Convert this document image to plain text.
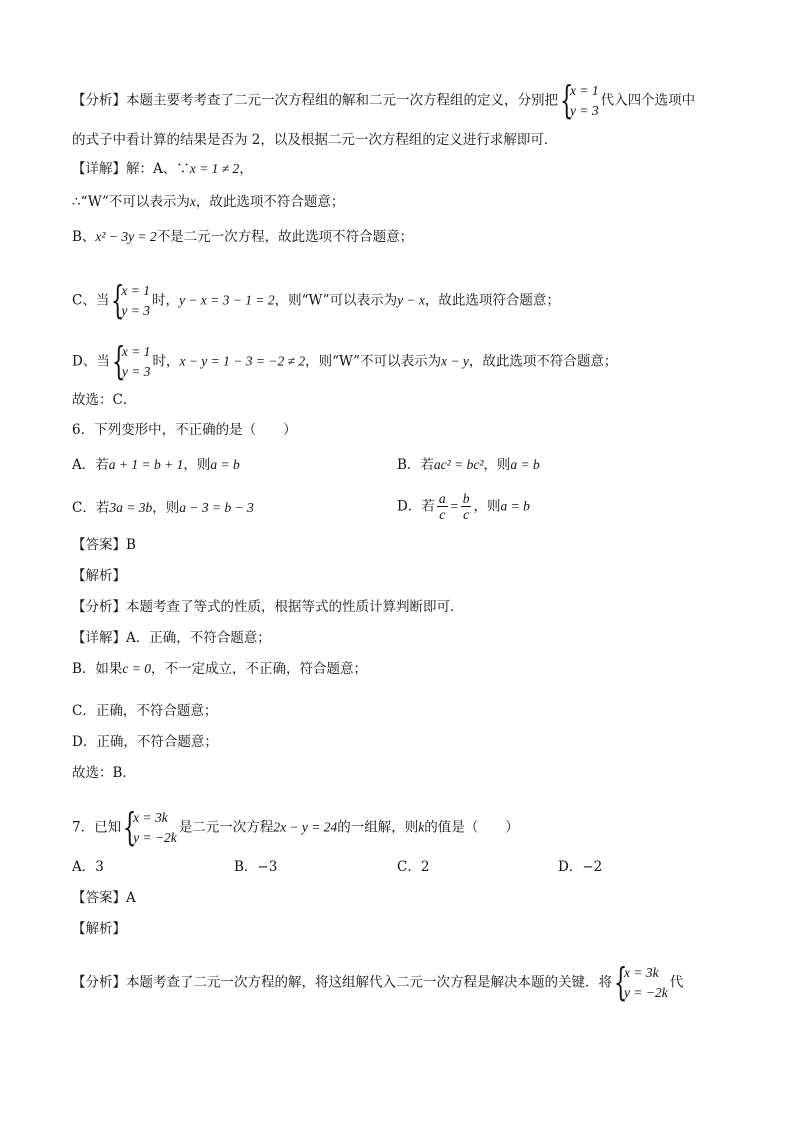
【分析】本题主要考考查了二元一次方程组的解和二元一次方程组的定义，分别把 {
x = 1
y = 3
代入四个选项中
的式子中看计算的结果是否为 2，以及根据二元一次方程组的定义进行求解即可．
【详解】解：A、∵x = 1 ≠ 2，
∴“W”不可以表示为x，故此选项不符合题意；
B、x² − 3y = 2不是二元一次方程，故此选项不符合题意；
C、当 {
x = 1
y = 3
时，y − x = 3 − 1 = 2，则“W”可以表示为y − x，故此选项符合题意；
D、当 {
x = 1
y = 3
时，x − y = 1 − 3 = −2 ≠ 2，则“W”不可以表示为x − y，故此选项不符合题意；
故选：C．
6．下列变形中，不正确的是（　　）
A．若a + 1 = b + 1，则a = b	B．若ac² = bc²，则a = b
C．若3a = 3b，则a − 3 = b − 3	D．若 $\frac{a}{c} = \frac{b}{c}$ ，则a = b
【答案】B
【解析】
【分析】本题考查了等式的性质，根据等式的性质计算判断即可．
【详解】A．正确，不符合题意；
B．如果c = 0，不一定成立，不正确，符合题意；
C．正确，不符合题意；
D．正确，不符合题意；
故选：B．
7．已知 {
x = 3k
y = −2k
是二元一次方程2x − y = 24的一组解，则k的值是（　　）
A．3	B．−3	C．2	D．−2
【答案】A
【解析】
【分析】本题考查了二元一次方程的解，将这组解代入二元一次方程是解决本题的关键．将 {
x = 3k
y = −2k
代
